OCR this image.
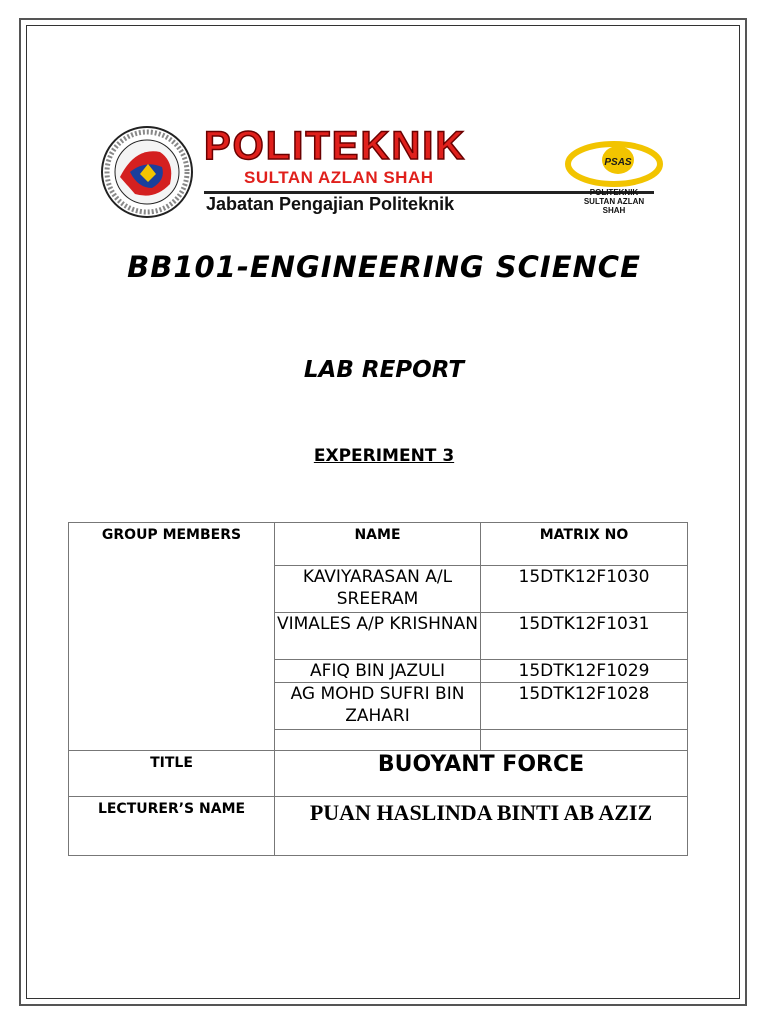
POLITEKNIK
SULTAN AZLAN SHAH
Jabatan Pengajian Politeknik
PSAS
POLITEKNIK
SULTAN AZLAN SHAH
BB101-ENGINEERING SCIENCE
LAB REPORT
EXPERIMENT 3
GROUP MEMBERS	NAME	MATRIX NO
	KAVIYARASAN A/L SREERAM	15DTK12F1030
	VIMALES A/P KRISHNAN	15DTK12F1031
	AFIQ BIN JAZULI	15DTK12F1029
	AG MOHD SUFRI BIN ZAHARI	15DTK12F1028

TITLE	BUOYANT FORCE	
LECTURER’S NAME	PUAN HASLINDA BINTI AB AZIZ	
